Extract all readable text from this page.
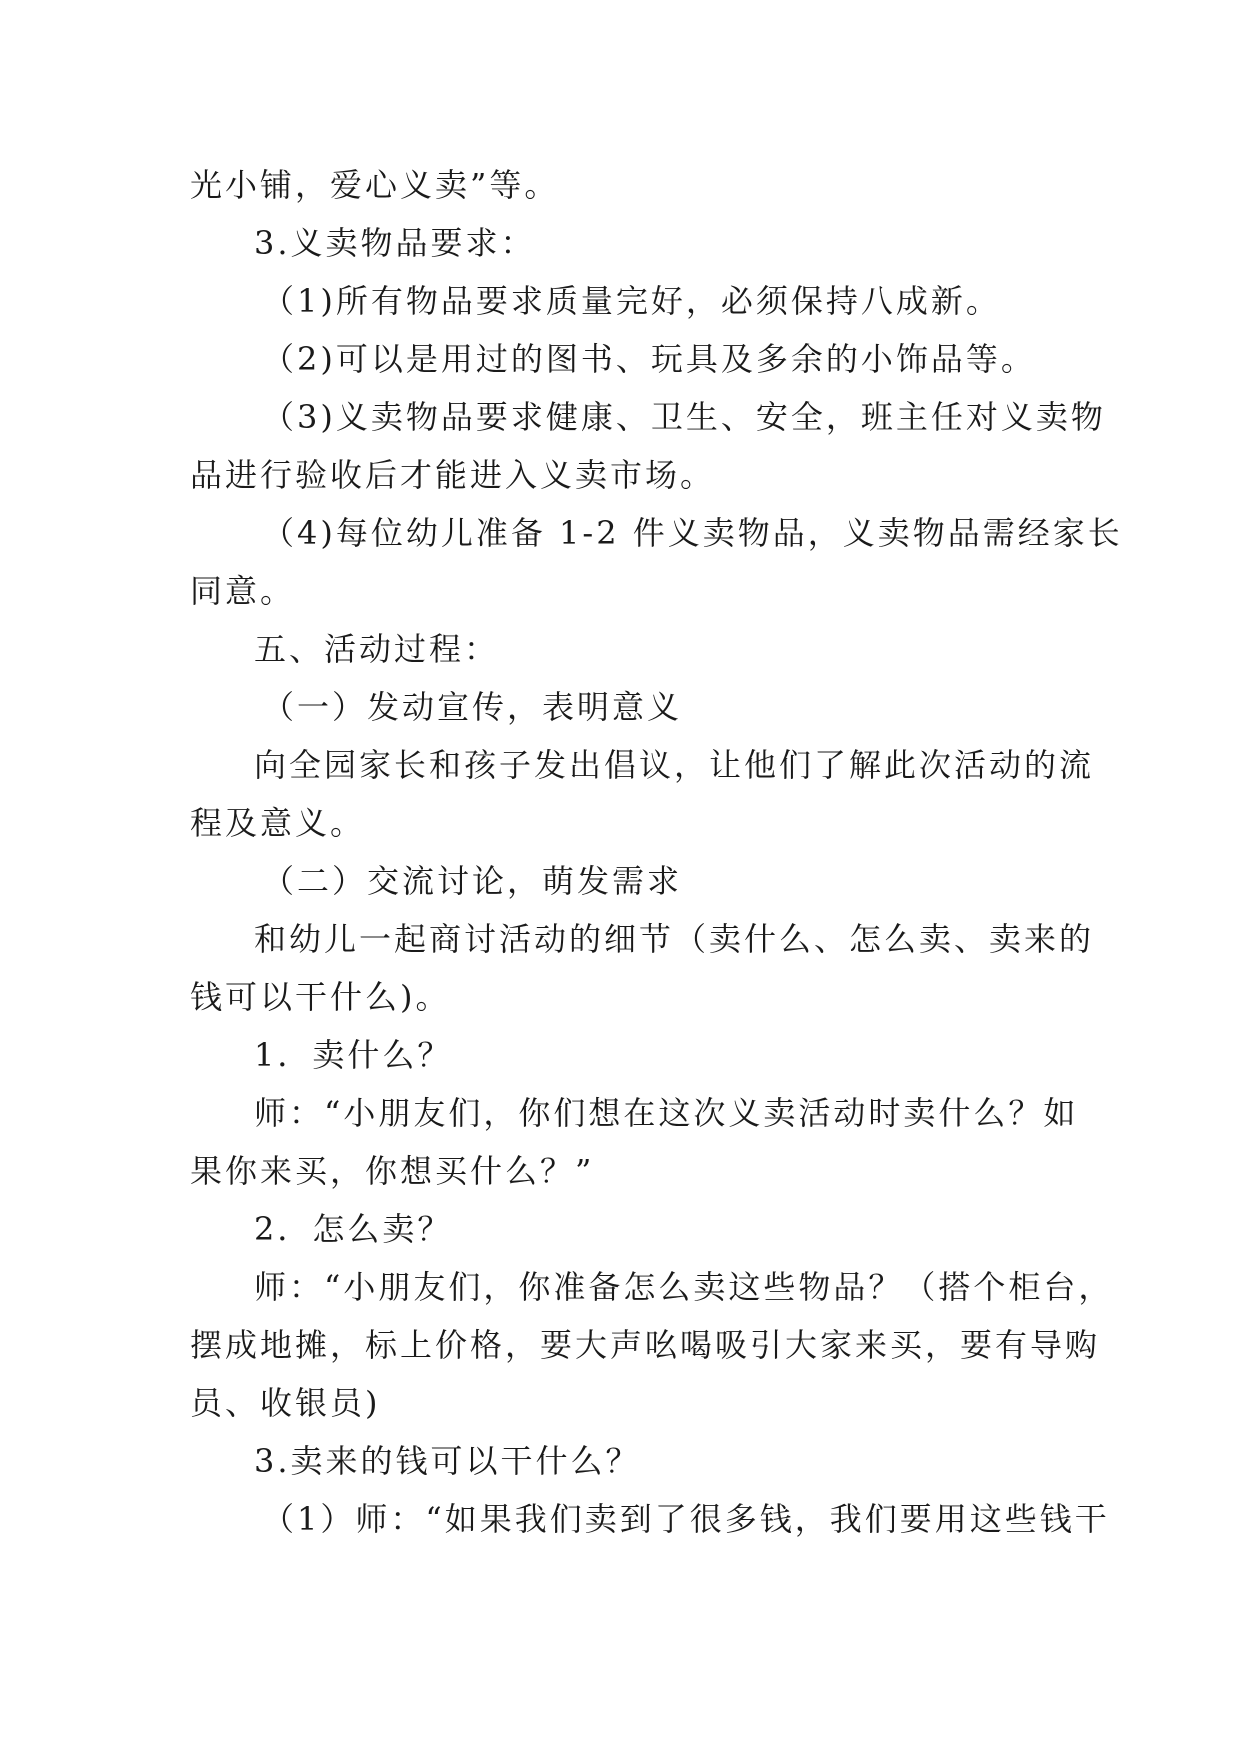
光小铺，爱心义卖”等。

3.义卖物品要求：

（1)所有物品要求质量完好，必须保持八成新。

（2)可以是用过的图书、玩具及多余的小饰品等。

（3)义卖物品要求健康、卫生、安全，班主任对义卖物

品进行验收后才能进入义卖市场。

（4)每位幼儿准备 1-2 件义卖物品，义卖物品需经家长

同意。

五、活动过程：

（一）发动宣传，表明意义

向全园家长和孩子发出倡议，让他们了解此次活动的流

程及意义。

（二）交流讨论，萌发需求

和幼儿一起商讨活动的细节（卖什么、怎么卖、卖来的

钱可以干什么)。

1．卖什么？

师：“小朋友们，你们想在这次义卖活动时卖什么？如

果你来买，你想买什么？”

2．怎么卖？

师：“小朋友们，你准备怎么卖这些物品？（搭个柜台，

摆成地摊，标上价格，要大声吆喝吸引大家来买，要有导购

员、收银员)

3.卖来的钱可以干什么？

（1）师：“如果我们卖到了很多钱，我们要用这些钱干
